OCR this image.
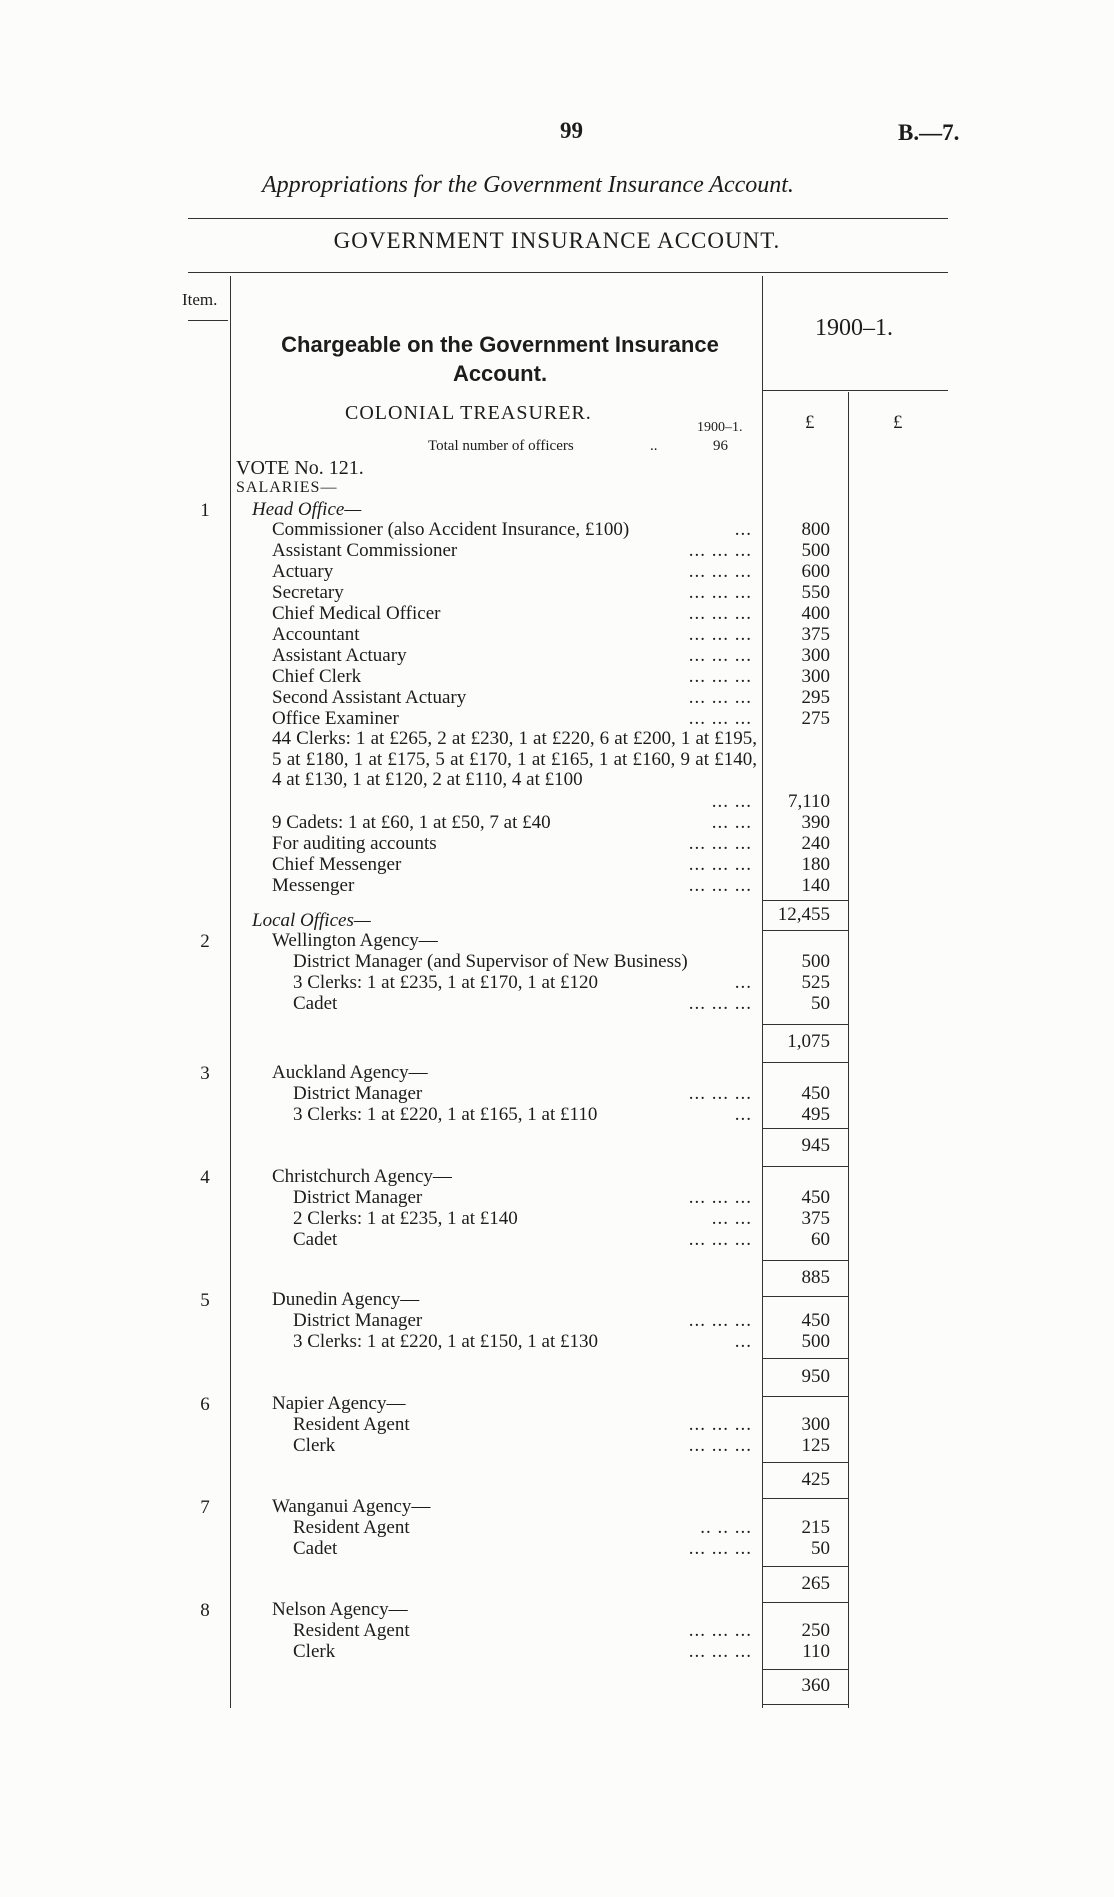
99	B.—7.
Appropriations for the Government Insurance Account.
GOVERNMENT INSURANCE ACCOUNT.
Item.
Chargeable on the Government Insurance Account.
1900–1.
£	£
COLONIAL TREASURER.
1900–1.
Total number of officers	..	96
VOTE No. 121.
SALARIES—
1	Head Office—
Commissioner (also Accident Insurance, £100)	...	800
Assistant Commissioner	... ... ...	500
Actuary	... ... ...	600
Secretary	... ... ...	550
Chief Medical Officer	... ... ...	400
Accountant	... ... ...	375
Assistant Actuary	... ... ...	300
Chief Clerk	... ... ...	300
Second Assistant Actuary	... ... ...	295
Office Examiner	... ... ...	275
44 Clerks: 1 at £265, 2 at £230, 1 at £220, 6 at £200, 1 at £195, 5 at £180, 1 at £175, 5 at £170, 1 at £165, 1 at £160, 9 at £140, 4 at £130, 1 at £120, 2 at £110, 4 at £100
... ...	7,110
9 Cadets: 1 at £60, 1 at £50, 7 at £40	... ...	390
For auditing accounts	... ... ...	240
Chief Messenger	... ... ...	180
Messenger	... ... ...	140
12,455
Local Offices—
2	Wellington Agency—
District Manager (and Supervisor of New Business)	500
3 Clerks: 1 at £235, 1 at £170, 1 at £120	...	525
Cadet	... ... ...	50
1,075
3	Auckland Agency—
District Manager	... ... ...	450
3 Clerks: 1 at £220, 1 at £165, 1 at £110	...	495
945
4	Christchurch Agency—
District Manager	... ... ...	450
2 Clerks: 1 at £235, 1 at £140	... ...	375
Cadet	... ... ...	60
885
5	Dunedin Agency—
District Manager	... ... ...	450
3 Clerks: 1 at £220, 1 at £150, 1 at £130	...	500
950
6	Napier Agency—
Resident Agent	... ... ...	300
Clerk	... ... ...	125
425
7	Wanganui Agency—
Resident Agent	.. .. ...	215
Cadet	... ... ...	50
265
8	Nelson Agency—
Resident Agent	... ... ...	250
Clerk	... ... ...	110
360
